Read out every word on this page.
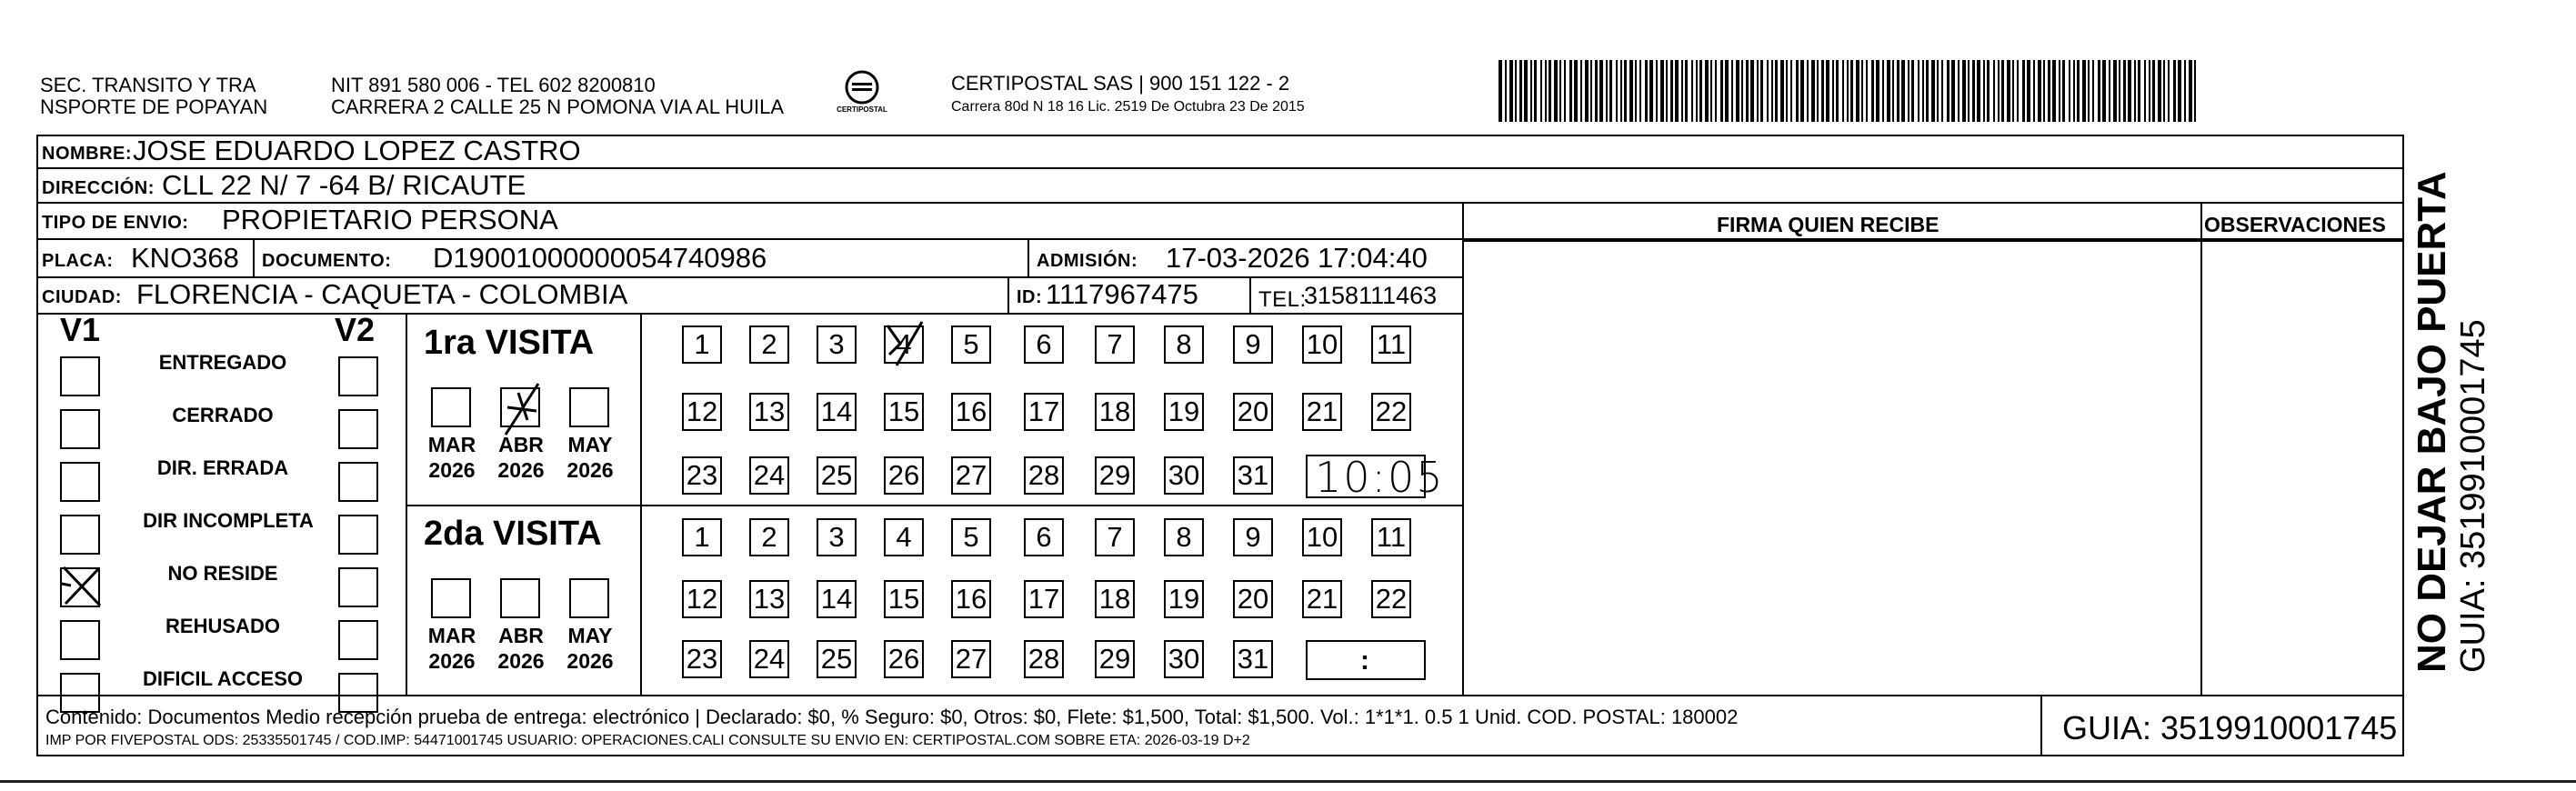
SEC. TRANSITO Y TRA
NSPORTE DE POPAYAN
NIT 891 580 006 - TEL 602 8200810
CARRERA 2 CALLE 25 N POMONA VIA AL HUILA	CERTIPOSTAL
CERTIPOSTAL SAS | 900 151 122 - 2
Carrera 80d N 18 16 Lic. 2519 De Octubra 23 De 2015
NOMBRE: JOSE EDUARDO LOPEZ CASTRO
DIRECCIÓN: CLL 22 N/ 7 -64 B/ RICAUTE
TIPO DE ENVIO: PROPIETARIO PERSONA	FIRMA QUIEN RECIBE	OBSERVACIONES
PLACA: KNO368 DOCUMENTO: D19001000000054740986	ADMISIÓN: 17-03-2026 17:04:40
CIUDAD: FLORENCIA - CAQUETA - COLOMBIA	ID: 1117967475	TEL:
3158111463
V1	V2
ENTREGADO
CERRADO
DIR. ERRADA
DIR INCOMPLETA
NO RESIDE
REHUSADO
DIFICIL ACCESO
1ra VISITA
MAR
2026
ABR
2026
MAY
2026
1	2	3	4	5	6	7	8	9	10 11
12 13 14 15 16 17 18 19 20 21 22
23 24 25 26 27 28 29 30 31 10:05
2da VISITA
MAR
2026
ABR
2026
MAY
2026
1	2	3	4	5	6	7	8	9	10 11
12 13 14 15 16 17 18 19 20 21 22
23 24 25 26 27 28 29 30 31	:
Contenido: Documentos Medio recepción prueba de entrega: electrónico | Declarado: $0, % Seguro: $0, Otros: $0, Flete: $1,500, Total: $1,500. Vol.: 1*1*1. 0.5 1 Unid. COD. POSTAL: 180002
IMP POR FIVEPOSTAL ODS: 25335501745 / COD.IMP: 54471001745 USUARIO: OPERACIONES.CALI CONSULTE SU ENVIO EN: CERTIPOSTAL.COM SOBRE ETA: 2026-03-19 D+2	GUIA: 3519910001745
NO DEJAR BAJO PUERTA GUIA: 3519910001745
